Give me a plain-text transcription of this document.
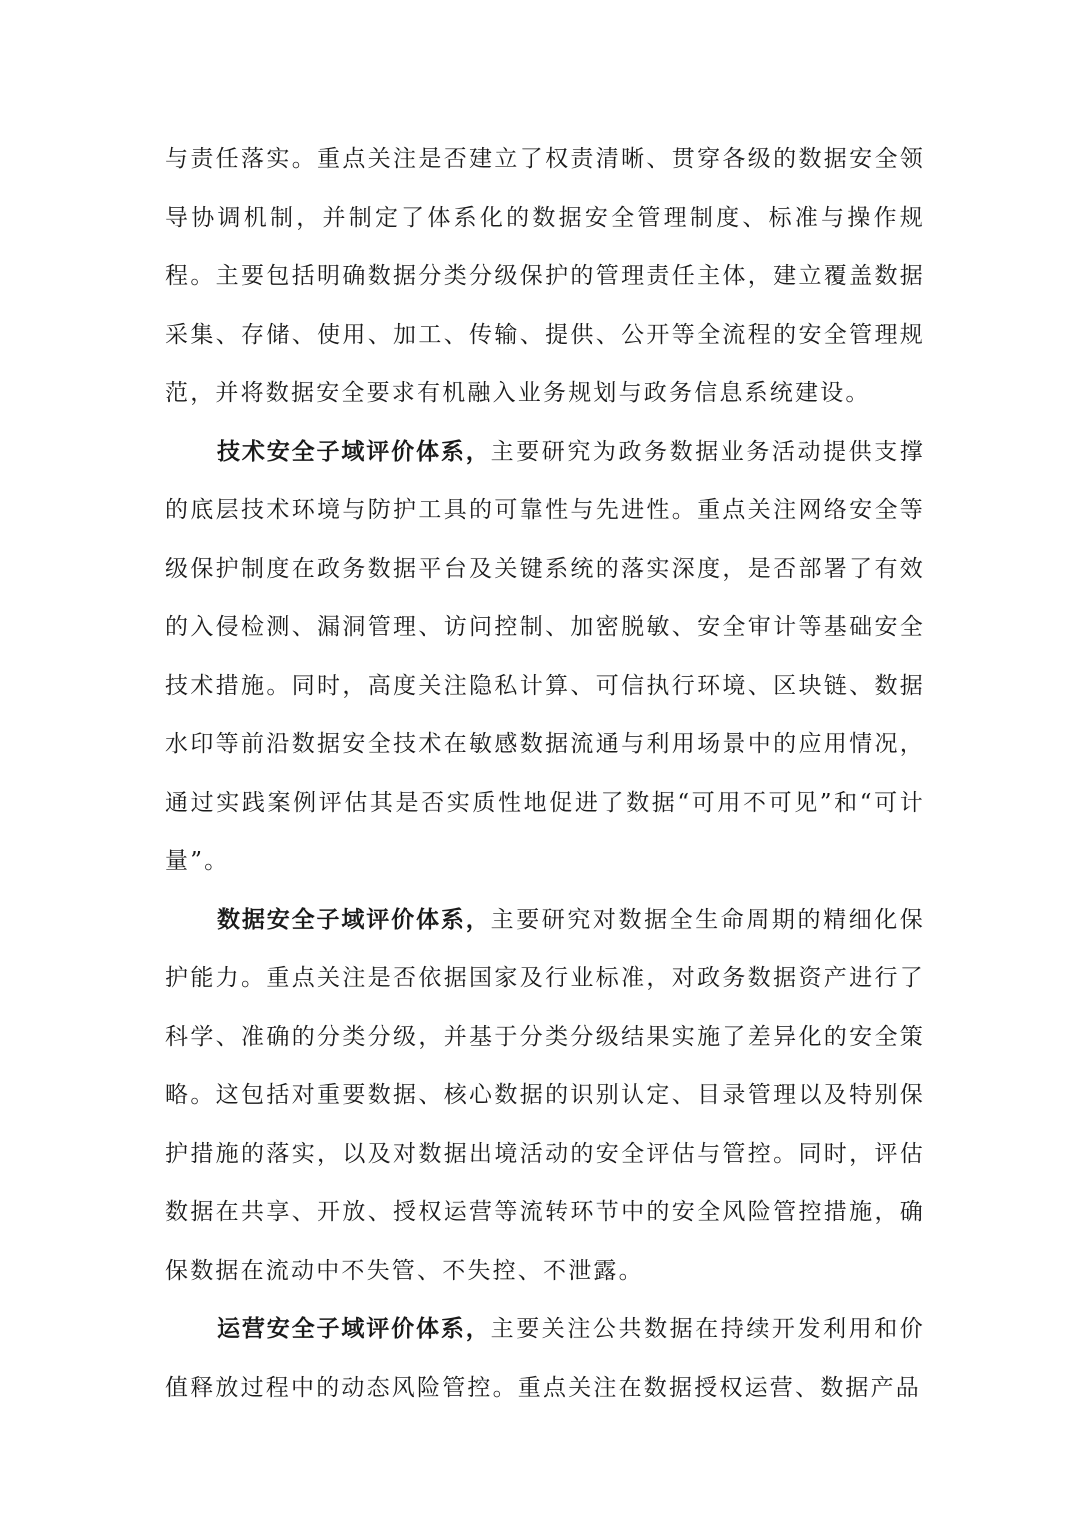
与责任落实。重点关注是否建立了权责清晰、贯穿各级的数据安全领导协调机制，并制定了体系化的数据安全管理制度、标准与操作规程。主要包括明确数据分类分级保护的管理责任主体，建立覆盖数据采集、存储、使用、加工、传输、提供、公开等全流程的安全管理规范，并将数据安全要求有机融入业务规划与政务信息系统建设。

技术安全子域评价体系，主要研究为政务数据业务活动提供支撑的底层技术环境与防护工具的可靠性与先进性。重点关注网络安全等级保护制度在政务数据平台及关键系统的落实深度，是否部署了有效的入侵检测、漏洞管理、访问控制、加密脱敏、安全审计等基础安全技术措施。同时，高度关注隐私计算、可信执行环境、区块链、数据水印等前沿数据安全技术在敏感数据流通与利用场景中的应用情况，通过实践案例评估其是否实质性地促进了数据“可用不可见”和“可计量”。

数据安全子域评价体系，主要研究对数据全生命周期的精细化保护能力。重点关注是否依据国家及行业标准，对政务数据资产进行了科学、准确的分类分级，并基于分类分级结果实施了差异化的安全策略。这包括对重要数据、核心数据的识别认定、目录管理以及特别保护措施的落实，以及对数据出境活动的安全评估与管控。同时，评估数据在共享、开放、授权运营等流转环节中的安全风险管控措施，确保数据在流动中不失管、不失控、不泄露。

运营安全子域评价体系，主要关注公共数据在持续开发利用和价值释放过程中的动态风险管控。重点关注在数据授权运营、数据产品
